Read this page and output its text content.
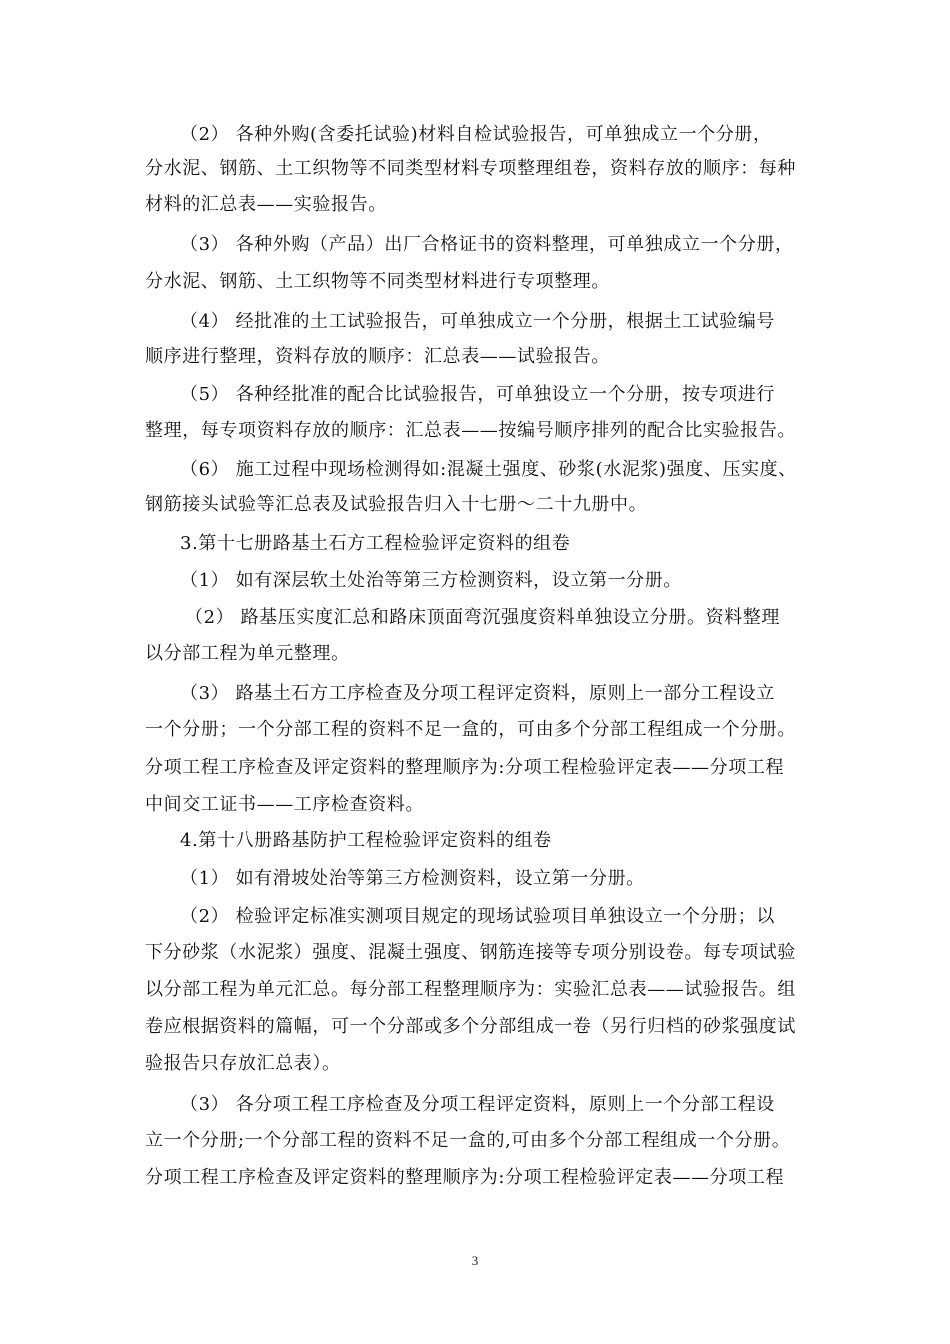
（2） 各种外购(含委托试验)材料自检试验报告，可单独成立一个分册，
分水泥、钢筋、土工织物等不同类型材料专项整理组卷，资料存放的顺序：每种
材料的汇总表——实验报告。
（3） 各种外购（产品）出厂合格证书的资料整理，可单独成立一个分册，
分水泥、钢筋、土工织物等不同类型材料进行专项整理。
（4） 经批准的土工试验报告，可单独成立一个分册，根据土工试验编号
顺序进行整理，资料存放的顺序：汇总表——试验报告。
（5） 各种经批准的配合比试验报告，可单独设立一个分册，按专项进行
整理，每专项资料存放的顺序：汇总表——按编号顺序排列的配合比实验报告。
（6） 施工过程中现场检测得如:混凝土强度、砂浆(水泥浆)强度、压实度、
钢筋接头试验等汇总表及试验报告归入十七册～二十九册中。
3.第十七册路基土石方工程检验评定资料的组卷
（1） 如有深层软土处治等第三方检测资料，设立第一分册。
（2） 路基压实度汇总和路床顶面弯沉强度资料单独设立分册。资料整理
以分部工程为单元整理。
（3） 路基土石方工序检查及分项工程评定资料，原则上一部分工程设立
一个分册；一个分部工程的资料不足一盒的，可由多个分部工程组成一个分册。
分项工程工序检查及评定资料的整理顺序为:分项工程检验评定表——分项工程
中间交工证书——工序检查资料。
4.第十八册路基防护工程检验评定资料的组卷
（1） 如有滑坡处治等第三方检测资料，设立第一分册。
（2） 检验评定标准实测项目规定的现场试验项目单独设立一个分册；以
下分砂浆（水泥浆）强度、混凝土强度、钢筋连接等专项分别设卷。每专项试验
以分部工程为单元汇总。每分部工程整理顺序为：实验汇总表——试验报告。组
卷应根据资料的篇幅，可一个分部或多个分部组成一卷（另行归档的砂浆强度试
验报告只存放汇总表）。
（3） 各分项工程工序检查及分项工程评定资料，原则上一个分部工程设
立一个分册;一个分部工程的资料不足一盒的,可由多个分部工程组成一个分册。
分项工程工序检查及评定资料的整理顺序为:分项工程检验评定表——分项工程
3
